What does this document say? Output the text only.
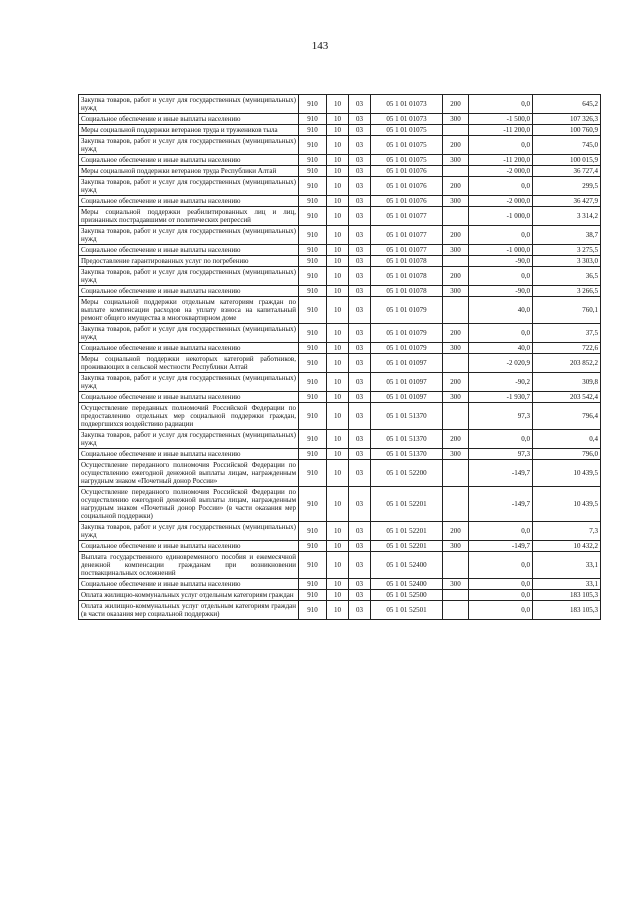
143
Закупка товаров, работ и услуг для государственных (муниципальных) нужд	910	10	03	05 1 01 01073	200	0,0	645,2
Социальное обеспечение и иные выплаты населению	910	10	03	05 1 01 01073	300	-1 500,0	107 326,3
Меры социальной поддержки ветеранов труда и тружеников тыла	910	10	03	05 1 01 01075		-11 200,0	100 760,9
Закупка товаров, работ и услуг для государственных (муниципальных) нужд	910	10	03	05 1 01 01075	200	0,0	745,0
Социальное обеспечение и иные выплаты населению	910	10	03	05 1 01 01075	300	-11 200,0	100 015,9
Меры социальной поддержки ветеранов труда Республики Алтай	910	10	03	05 1 01 01076		-2 000,0	36 727,4
Закупка товаров, работ и услуг для государственных (муниципальных) нужд	910	10	03	05 1 01 01076	200	0,0	299,5
Социальное обеспечение и иные выплаты населению	910	10	03	05 1 01 01076	300	-2 000,0	36 427,9
Меры социальной поддержки реабилитированных лиц и лиц, признанных пострадавшими от политических репрессий	910	10	03	05 1 01 01077		-1 000,0	3 314,2
Закупка товаров, работ и услуг для государственных (муниципальных) нужд	910	10	03	05 1 01 01077	200	0,0	38,7
Социальное обеспечение и иные выплаты населению	910	10	03	05 1 01 01077	300	-1 000,0	3 275,5
Предоставление гарантированных услуг по погребению	910	10	03	05 1 01 01078		-90,0	3 303,0
Закупка товаров, работ и услуг для государственных (муниципальных) нужд	910	10	03	05 1 01 01078	200	0,0	36,5
Социальное обеспечение и иные выплаты населению	910	10	03	05 1 01 01078	300	-90,0	3 266,5
Меры социальной поддержки отдельным категориям граждан по выплате компенсации расходов на уплату взноса на капитальный ремонт общего имущества в многоквартирном доме	910	10	03	05 1 01 01079		40,0	760,1
Закупка товаров, работ и услуг для государственных (муниципальных) нужд	910	10	03	05 1 01 01079	200	0,0	37,5
Социальное обеспечение и иные выплаты населению	910	10	03	05 1 01 01079	300	40,0	722,6
Меры социальной поддержки некоторых категорий работников, проживающих в сельской местности Республики Алтай	910	10	03	05 1 01 01097		-2 020,9	203 852,2
Закупка товаров, работ и услуг для государственных (муниципальных) нужд	910	10	03	05 1 01 01097	200	-90,2	309,8
Социальное обеспечение и иные выплаты населению	910	10	03	05 1 01 01097	300	-1 930,7	203 542,4
Осуществление переданных полномочий Российской Федерации по предоставлению отдельных мер социальной поддержки граждан, подвергшихся воздействию радиации	910	10	03	05 1 01 51370		97,3	796,4
Закупка товаров, работ и услуг для государственных (муниципальных) нужд	910	10	03	05 1 01 51370	200	0,0	0,4
Социальное обеспечение и иные выплаты населению	910	10	03	05 1 01 51370	300	97,3	796,0
Осуществление переданного полномочия Российской Федерации по осуществлению ежегодной денежной выплаты лицам, награжденным нагрудным знаком «Почетный донор России»	910	10	03	05 1 01 52200		-149,7	10 439,5
Осуществление переданного полномочия Российской Федерации по осуществлению ежегодной денежной выплаты лицам, награжденным нагрудным знаком «Почетный донор России» (в части оказания мер социальной поддержки)	910	10	03	05 1 01 52201		-149,7	10 439,5
Закупка товаров, работ и услуг для государственных (муниципальных) нужд	910	10	03	05 1 01 52201	200	0,0	7,3
Социальное обеспечение и иные выплаты населению	910	10	03	05 1 01 52201	300	-149,7	10 432,2
Выплата государственного единовременного пособия и ежемесячной денежной компенсации гражданам при возникновении поствакцинальных осложнений	910	10	03	05 1 01 52400		0,0	33,1
Социальное обеспечение и иные выплаты населению	910	10	03	05 1 01 52400	300	0,0	33,1
Оплата жилищно-коммунальных услуг отдельным категориям граждан	910	10	03	05 1 01 52500		0,0	183 105,3
Оплата жилищно-коммунальных услуг отдельным категориям граждан (в части оказания мер социальной поддержки)	910	10	03	05 1 01 52501		0,0	183 105,3
